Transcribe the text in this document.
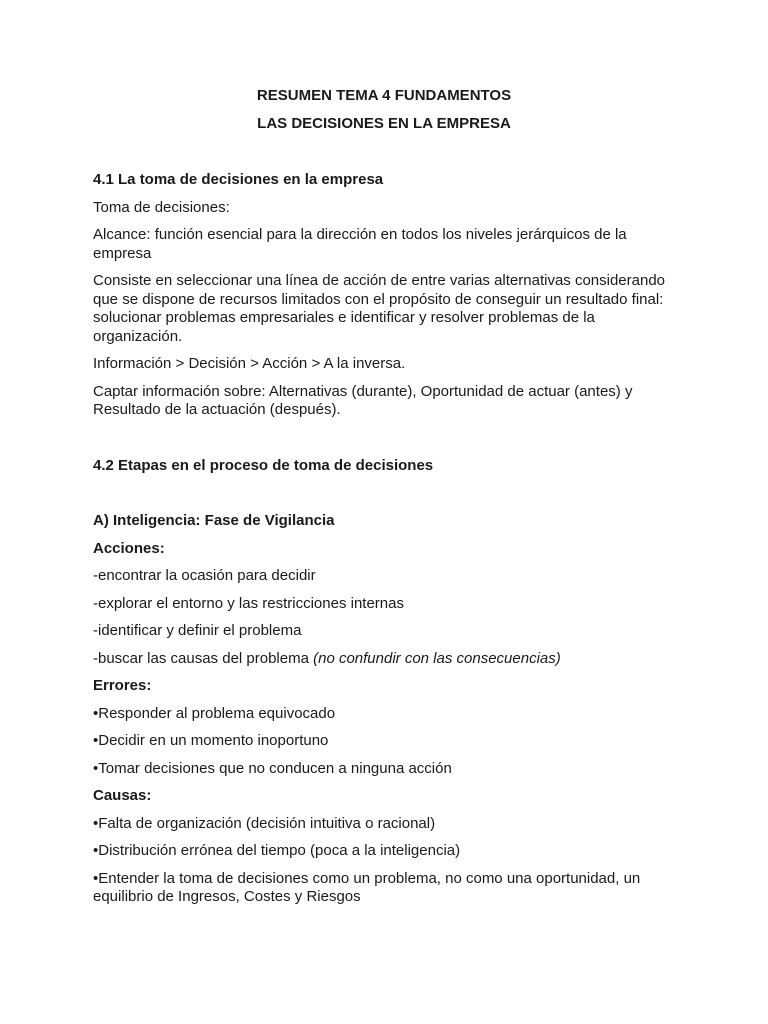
RESUMEN TEMA 4 FUNDAMENTOS
LAS DECISIONES EN LA EMPRESA

4.1 La toma de decisiones en la empresa

Toma de decisiones:

Alcance: función esencial para la dirección en todos los niveles jerárquicos de la empresa

Consiste en seleccionar una línea de acción de entre varias alternativas considerando que se dispone de recursos limitados con el propósito de conseguir un resultado final: solucionar problemas empresariales e identificar y resolver problemas de la organización.

Información > Decisión > Acción > A la inversa.

Captar información sobre: Alternativas (durante), Oportunidad de actuar (antes) y Resultado de la actuación (después).

4.2 Etapas en el proceso de toma de decisiones

A) Inteligencia: Fase de Vigilancia

Acciones:

-encontrar la ocasión para decidir

-explorar el entorno y las restricciones internas

-identificar y definir el problema

-buscar las causas del problema (no confundir con las consecuencias)

Errores:

•Responder al problema equivocado

•Decidir en un momento inoportuno

•Tomar decisiones que no conducen a ninguna acción

Causas:

•Falta de organización (decisión intuitiva o racional)

•Distribución errónea del tiempo (poca a la inteligencia)

•Entender la toma de decisiones como un problema, no como una oportunidad, un equilibrio de Ingresos, Costes y Riesgos
